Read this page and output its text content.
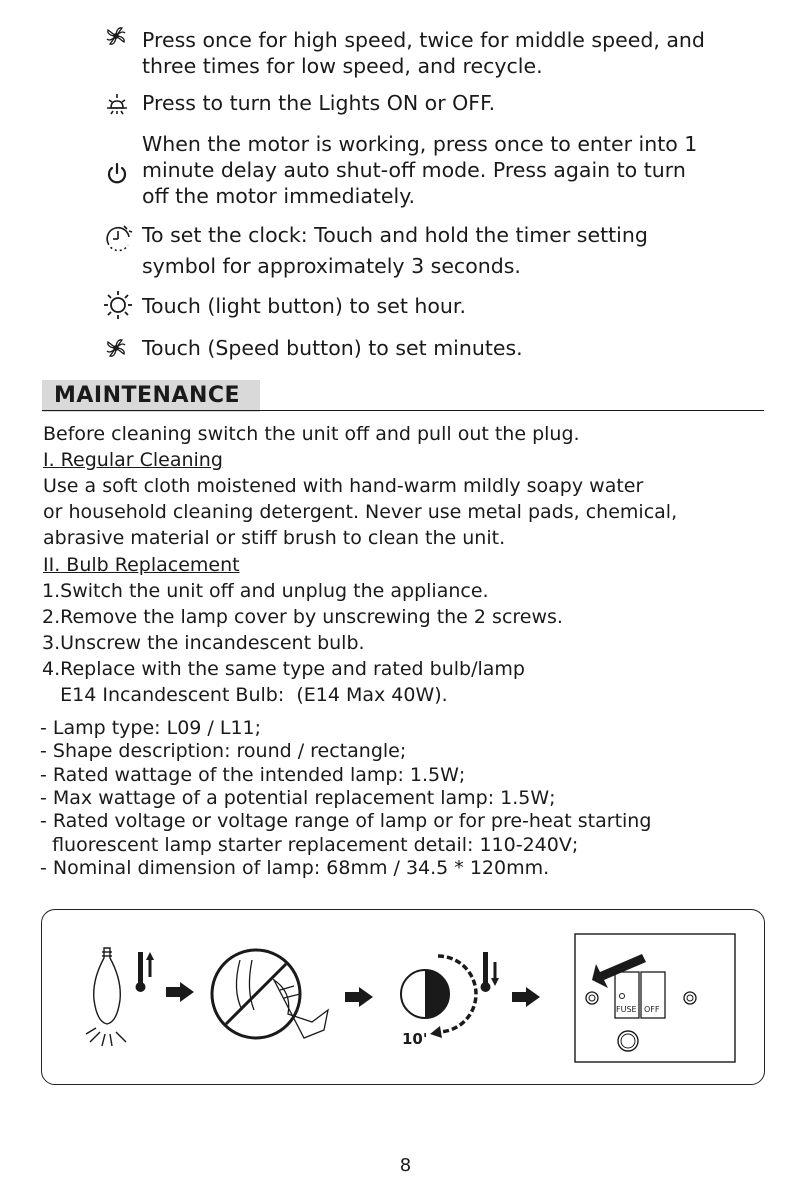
Press once for high speed, twice for middle speed, and
three times for low speed, and recycle.
Press to turn the Lights ON or OFF.
When the motor is working, press once to enter into 1
minute delay auto shut-off mode. Press again to turn
off the motor immediately.
To set the clock: Touch and hold the timer setting
symbol for approximately 3 seconds.
Touch (light button) to set hour.
Touch (Speed button) to set minutes.
MAINTENANCE
Before cleaning switch the unit off and pull out the plug.
I. Regular Cleaning
Use a soft cloth moistened with hand-warm mildly soapy water
or household cleaning detergent. Never use metal pads, chemical,
abrasive material or stiff brush to clean the unit.
II. Bulb Replacement
1.Switch the unit off and unplug the appliance.
2.Remove the lamp cover by unscrewing the 2 screws.
3.Unscrew the incandescent bulb.
4.Replace with the same type and rated bulb/lamp
E14 Incandescent Bulb:  (E14 Max 40W).
- Lamp type: L09 / L11;
- Shape description: round / rectangle;
- Rated wattage of the intended lamp: 1.5W;
- Max wattage of a potential replacement lamp: 1.5W;
- Rated voltage or voltage range of lamp or for pre-heat starting
fluorescent lamp starter replacement detail: 110-240V;
- Nominal dimension of lamp: 68mm / 34.5 * 120mm.
10'
FUSE OFF
8
